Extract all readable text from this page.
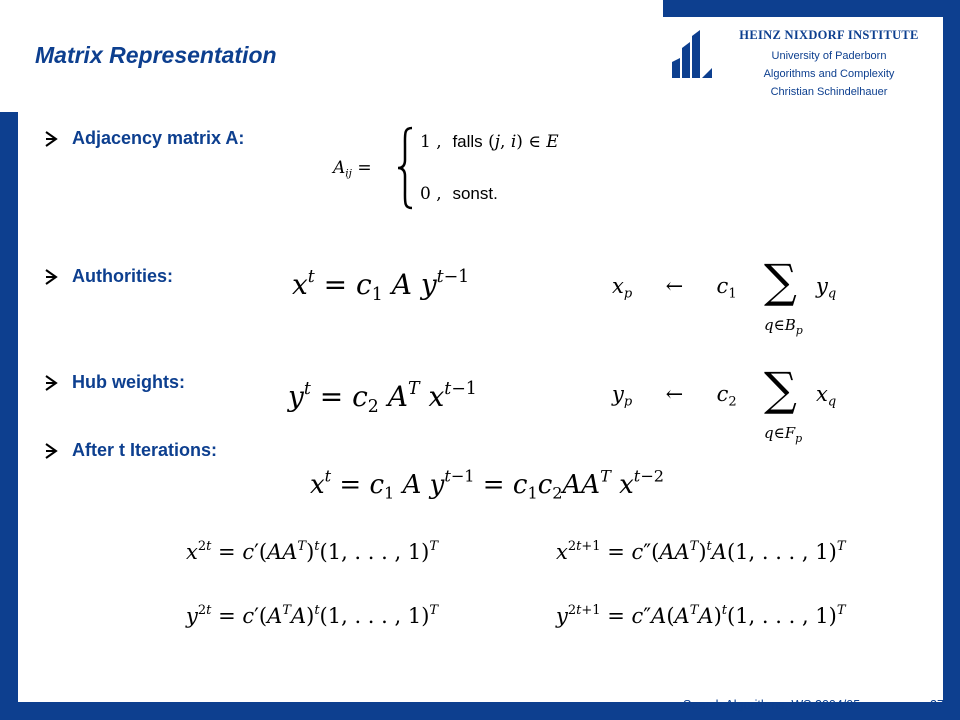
HEINZ NIXDORF INSTITUTE
University of Paderborn
Algorithms and Complexity
Christian Schindelhauer
Matrix Representation
Adjacency matrix A:
Authorities:
Hub weights:
After t Iterations:
$A_{ij}$ =
1 ,  falls (j, i) ∈ E
0 ,  sonst.
$x^t = c_1$ A $y^{t-1}$	$x_p$     ←     $c_1$ ∑ $y_q$
$q\in B_p$
$y^t = c_2$ $A^T$ $x^{t-1}$	$y_p$     ←     $c_2$ ∑ $x_q$
$q\in F_p$
$x^t = c_1$ A $y^{t-1} = c_1c_2AA^T$ $x^{t-2}$
$x^{2t} = c'(AA^T)^t(1$, . . . , 1)$^T$	$x^{2t+1} = c''(AA^T)^tA(1$, . . . , 1)$^T$
$y^{2t} = c'(A^TA)^t(1$, . . . , 1)$^T$	$y^{2t+1} = c''A(A^TA)^t(1$, . . . , 1)$^T$
Search Algorithms, WS 2004/05	27
